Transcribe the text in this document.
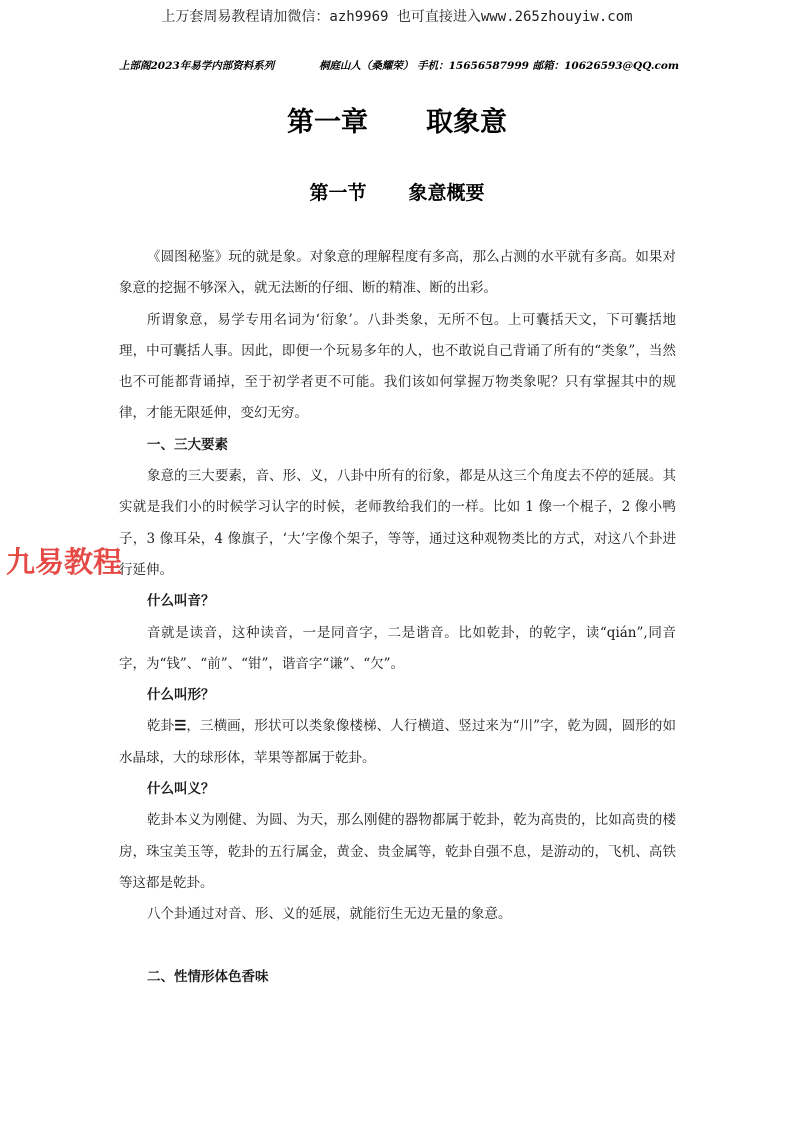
上万套周易教程请加微信：azh9969 也可直接进入www.265zhouyiw.com
上部阁2023年易学内部资料系列	桐庭山人（桑耀荣） 手机：15656587999 邮箱：10626593@QQ.com
第一章 取象意
第一节 象意概要

《圆图秘鉴》玩的就是象。对象意的理解程度有多高，那么占测的水平就有多高。如果对象意的挖掘不够深入，就无法断的仔细、断的精准、断的出彩。

所谓象意，易学专用名词为‘衍象’。八卦类象，无所不包。上可囊括天文，下可囊括地理，中可囊括人事。因此，即便一个玩易多年的人，也不敢说自己背诵了所有的“类象”，当然也不可能都背诵掉，至于初学者更不可能。我们该如何掌握万物类象呢？只有掌握其中的规律，才能无限延伸，变幻无穷。

一、三大要素

象意的三大要素，音、形、义，八卦中所有的衍象，都是从这三个角度去不停的延展。其实就是我们小的时候学习认字的时候，老师教给我们的一样。比如 1 像一个棍子，2 像小鸭子，3 像耳朵，4 像旗子，‘大’字像个架子，等等，通过这种观物类比的方式，对这八个卦进行延伸。

什么叫音？

音就是读音，这种读音，一是同音字，二是谐音。比如乾卦，的乾字，读“qián”,同音字，为“钱”、“前”、“钳”，谐音字“谦”、“欠”。

什么叫形？

乾卦☰，三横画，形状可以类象像楼梯、人行横道、竖过来为“川”字，乾为圆，圆形的如水晶球，大的球形体，苹果等都属于乾卦。

什么叫义？

乾卦本义为刚健、为圆、为天，那么刚健的器物都属于乾卦，乾为高贵的，比如高贵的楼房，珠宝美玉等，乾卦的五行属金，黄金、贵金属等，乾卦自强不息，是游动的，飞机、高铁等这都是乾卦。

八个卦通过对音、形、义的延展，就能衍生无边无量的象意。

二、性情形体色香味
九易教程
